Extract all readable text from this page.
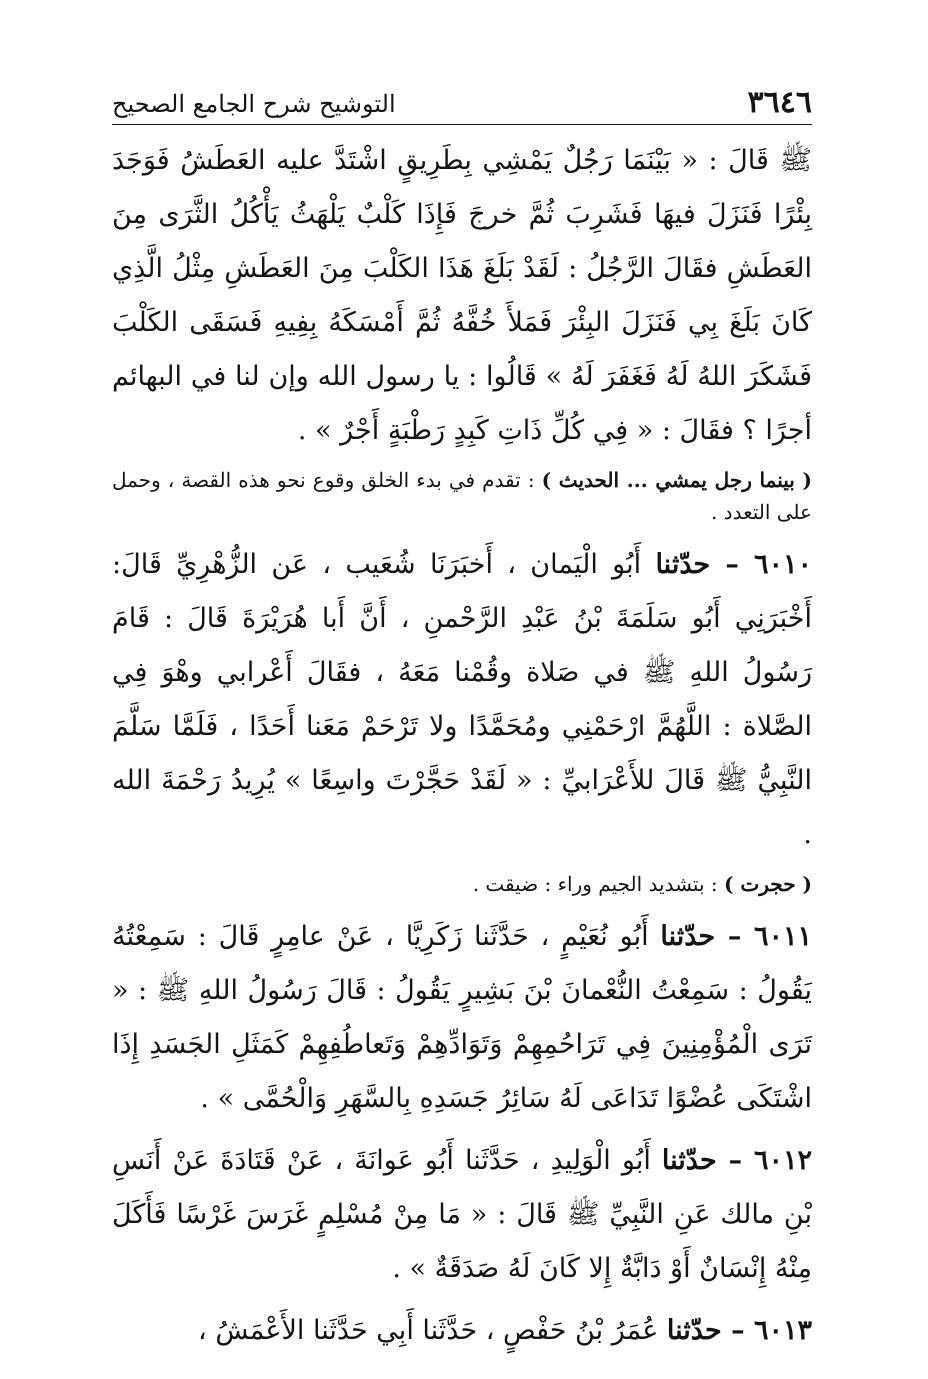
٣٦٤٦
التوشيح شرح الجامع الصحيح

ﷺ قَالَ : « بَيْنَمَا رَجُلٌ يَمْشِي بِطَرِيقٍ اشْتَدَّ عليه العَطَشُ فَوَجَدَ بِئْرًا فَنَزَلَ فيهَا فَشَرِبَ ثُمَّ خرجَ فَإِذَا كَلْبٌ يَلْهَثُ يَأْكُلُ الثَّرَى مِنَ العَطَشِ فقَالَ الرَّجُلُ : لَقَدْ بَلَغَ هَذَا الكَلْبَ مِنَ العَطَشِ مِثْلُ الَّذِي كَانَ بَلَغَ بِي فَنَزَلَ البِئْرَ فَمَلأَ خُفَّهُ ثُمَّ أَمْسَكَهُ بِفِيهِ فَسَقَى الكَلْبَ فَشَكَرَ اللهُ لَهُ فَغَفَرَ لَهُ » قَالُوا : يا رسول الله وإن لنا في البهائم أجرًا ؟ فقَالَ : « فِي كُلِّ ذَاتِ كَبِدٍ رَطْبَةٍ أَجْرٌ » .

( بينما رجل يمشي ... الحديث ) : تقدم في بدء الخلق وقوع نحو هذه القصة ، وحمل على التعدد .

٦٠١٠ – حدّثنا أَبُو الْيَمان ، أَخبَرَنَا شُعَيب ، عَن الزُّهْرِيِّ قَالَ: أَخْبَرَنِي أَبُو سَلَمَةَ بْنُ عَبْدِ الرَّحْمنِ ، أَنَّ أَبا هُرَيْرَةَ قَالَ : قَامَ رَسُولُ اللهِ ﷺ في صَلاة وقُمْنا مَعَهُ ، فقَالَ أَعْرابي وهْوَ فِي الصَّلاة : اللَّهُمَّ ارْحَمْنِي ومُحَمَّدًا ولا تَرْحَمْ مَعَنا أَحَدًا ، فَلَمَّا سَلَّمَ النَّبِيُّ ﷺ قَالَ للأَعْرَابيِّ : « لَقَدْ حَجَّرْتَ واسِعًا » يُرِيدُ رَحْمَةَ الله .

( حجرت ) : بتشديد الجيم وراء : ضيقت .

٦٠١١ – حدّثنا أَبُو نُعَيْمٍ ، حَدَّثَنا زَكَرِيَّا ، عَنْ عامِرٍ قَالَ : سَمِعْتُهُ يَقُولُ : سَمِعْتُ النُّعْمانَ بْنَ بَشِيرٍ يَقُولُ : قَالَ رَسُولُ اللهِ ﷺ : « تَرَى الْمُؤْمِنِينَ فِي تَرَاحُمِهِمْ وَتَوَادِّهِمْ وَتَعاطُفِهِمْ كَمَثَلِ الجَسَدِ إِذَا اشْتَكَى عُضْوًا تَدَاعَى لَهُ سَائِرُ جَسَدِهِ بِالسَّهَرِ وَالْحُمَّى » .

٦٠١٢ – حدّثنا أَبُو الْوَلِيدِ ، حَدَّثَنا أَبُو عَوانَةَ ، عَنْ قَتَادَةَ عَنْ أَنَسِ بْنِ مالك عَنِ النَّبِيِّ ﷺ قَالَ : « مَا مِنْ مُسْلِمٍ غَرَسَ غَرْسًا فَأَكَلَ مِنْهُ إِنْسَانٌ أَوْ دَابَّةٌ إِلا كَانَ لَهُ صَدَقَةٌ » .

٦٠١٣ – حدّثنا عُمَرُ بْنُ حَفْصٍ ، حَدَّثَنا أَبِي حَدَّثَنا الأَعْمَشُ ،
